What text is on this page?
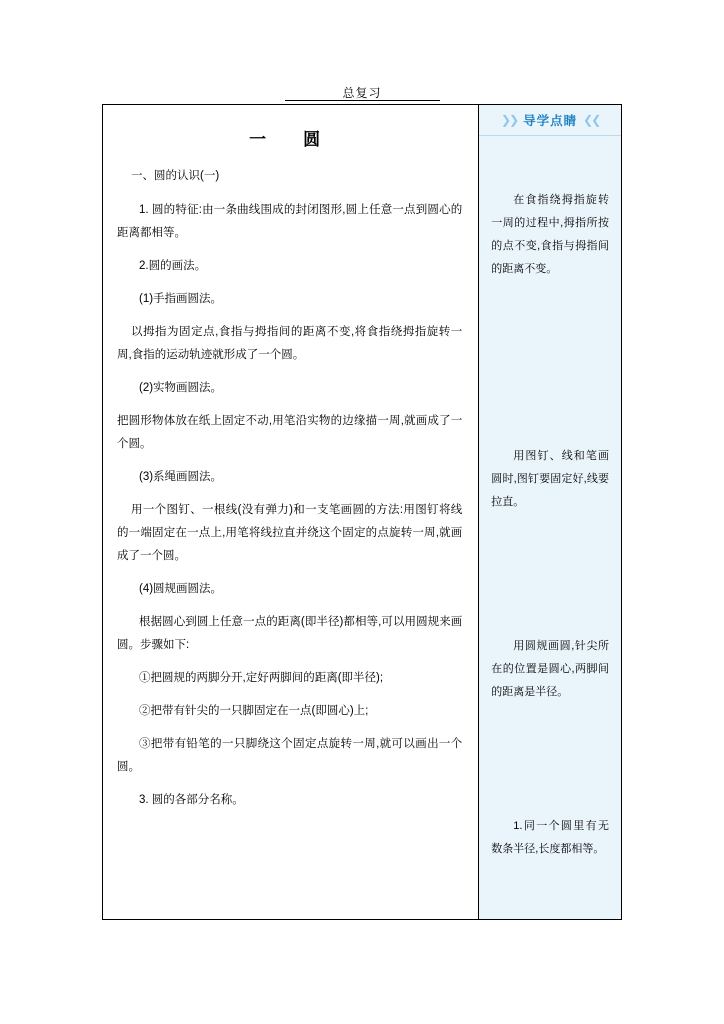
总复习
一　圆
一、圆的认识(一)

1. 圆的特征:由一条曲线围成的封闭图形,圆上任意一点到圆心的距离都相等。

2.圆的画法。

(1)手指画圆法。

以拇指为固定点,食指与拇指间的距离不变,将食指绕拇指旋转一周,食指的运动轨迹就形成了一个圆。

(2)实物画圆法。

把圆形物体放在纸上固定不动,用笔沿实物的边缘描一周,就画成了一个圆。

(3)系绳画圆法。

用一个图钉、一根线(没有弹力)和一支笔画圆的方法:用图钉将线的一端固定在一点上,用笔将线拉直并绕这个固定的点旋转一周,就画成了一个圆。

(4)圆规画圆法。

根据圆心到圆上任意一点的距离(即半径)都相等,可以用圆规来画圆。步骤如下:

①把圆规的两脚分开,定好两脚间的距离(即半径);

②把带有针尖的一只脚固定在一点(即圆心)上;

③把带有铅笔的一只脚绕这个固定点旋转一周,就可以画出一个圆。

3. 圆的各部分名称。

❯❯ 导学点睛 ❮❮
在食指绕拇指旋转一周的过程中,拇指所按的点不变,食指与拇指间的距离不变。
用图钉、线和笔画圆时,图钉要固定好,线要拉直。
用圆规画圆,针尖所在的位置是圆心,两脚间的距离是半径。
1.同一个圆里有无数条半径,长度都相等。
